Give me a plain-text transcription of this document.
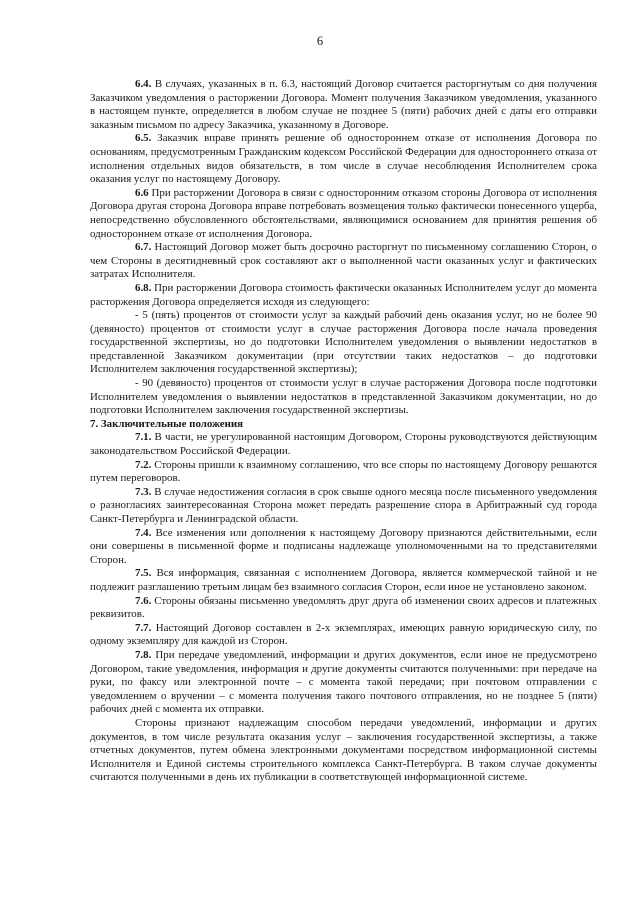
6

6.4. В случаях, указанных в п. 6.3, настоящий Договор считается расторгнутым со дня получения Заказчиком уведомления о расторжении Договора. Момент получения Заказчиком уведомления, указанного в настоящем пункте, определяется в любом случае не позднее 5 (пяти) рабочих дней с даты его отправки заказным письмом по адресу Заказчика, указанному в Договоре.

6.5. Заказчик вправе принять решение об одностороннем отказе от исполнения Договора по основаниям, предусмотренным Гражданским кодексом Российской Федерации для одностороннего отказа от исполнения отдельных видов обязательств, в том числе в случае несоблюдения Исполнителем срока оказания услуг по настоящему Договору.

6.6 При расторжении Договора в связи с односторонним отказом стороны Договора от исполнения Договора другая сторона Договора вправе потребовать возмещения только фактически понесенного ущерба, непосредственно обусловленного обстоятельствами, являющимися основанием для принятия решения об одностороннем отказе от исполнения Договора.

6.7. Настоящий Договор может быть досрочно расторгнут по письменному соглашению Сторон, о чем Стороны в десятидневный срок составляют акт о выполненной части оказанных услуг и фактических затратах Исполнителя.

6.8. При расторжении Договора стоимость фактически оказанных Исполнителем услуг до момента расторжения Договора определяется исходя из следующего:

- 5 (пять) процентов от стоимости услуг за каждый рабочий день оказания услуг, но не более 90 (девяносто) процентов от стоимости услуг в случае расторжения Договора после начала проведения государственной экспертизы, но до подготовки Исполнителем уведомления о выявлении недостатков в представленной Заказчиком документации (при отсутствии таких недостатков – до подготовки Исполнителем заключения государственной экспертизы);

- 90 (девяносто) процентов от стоимости услуг в случае расторжения Договора после подготовки Исполнителем уведомления о выявлении недостатков в представленной Заказчиком документации, но до подготовки Исполнителем заключения государственной экспертизы.

7. Заключительные положения

7.1. В части, не урегулированной настоящим Договором, Стороны руководствуются действующим законодательством Российской Федерации.

7.2. Стороны пришли к взаимному соглашению, что все споры по настоящему Договору решаются путем переговоров.

7.3. В случае недостижения согласия в срок свыше одного месяца после письменного уведомления о разногласиях заинтересованная Сторона может передать разрешение спора в Арбитражный суд города Санкт-Петербурга и Ленинградской области.

7.4. Все изменения или дополнения к настоящему Договору признаются действительными, если они совершены в письменной форме и подписаны надлежаще уполномоченными на то представителями Сторон.

7.5. Вся информация, связанная с исполнением Договора, является коммерческой тайной и не подлежит разглашению третьим лицам без взаимного согласия Сторон, если иное не установлено законом.

7.6. Стороны обязаны письменно уведомлять друг друга об изменении своих адресов и платежных реквизитов.

7.7. Настоящий Договор составлен в 2-х экземплярах, имеющих равную юридическую силу, по одному экземпляру для каждой из Сторон.

7.8. При передаче уведомлений, информации и других документов, если иное не предусмотрено Договором, такие уведомления, информация и другие документы считаются полученными: при передаче на руки, по факсу или электронной почте – с момента такой передачи; при почтовом отправлении с уведомлением о вручении – с момента получения такого почтового отправления, но не позднее 5 (пяти) рабочих дней с момента их отправки.

Стороны признают надлежащим способом передачи уведомлений, информации и других документов, в том числе результата оказания услуг – заключения государственной экспертизы, а также отчетных документов, путем обмена электронными документами посредством информационной системы Исполнителя и Единой системы строительного комплекса Санкт-Петербурга. В таком случае документы считаются полученными в день их публикации в соответствующей информационной системе.
